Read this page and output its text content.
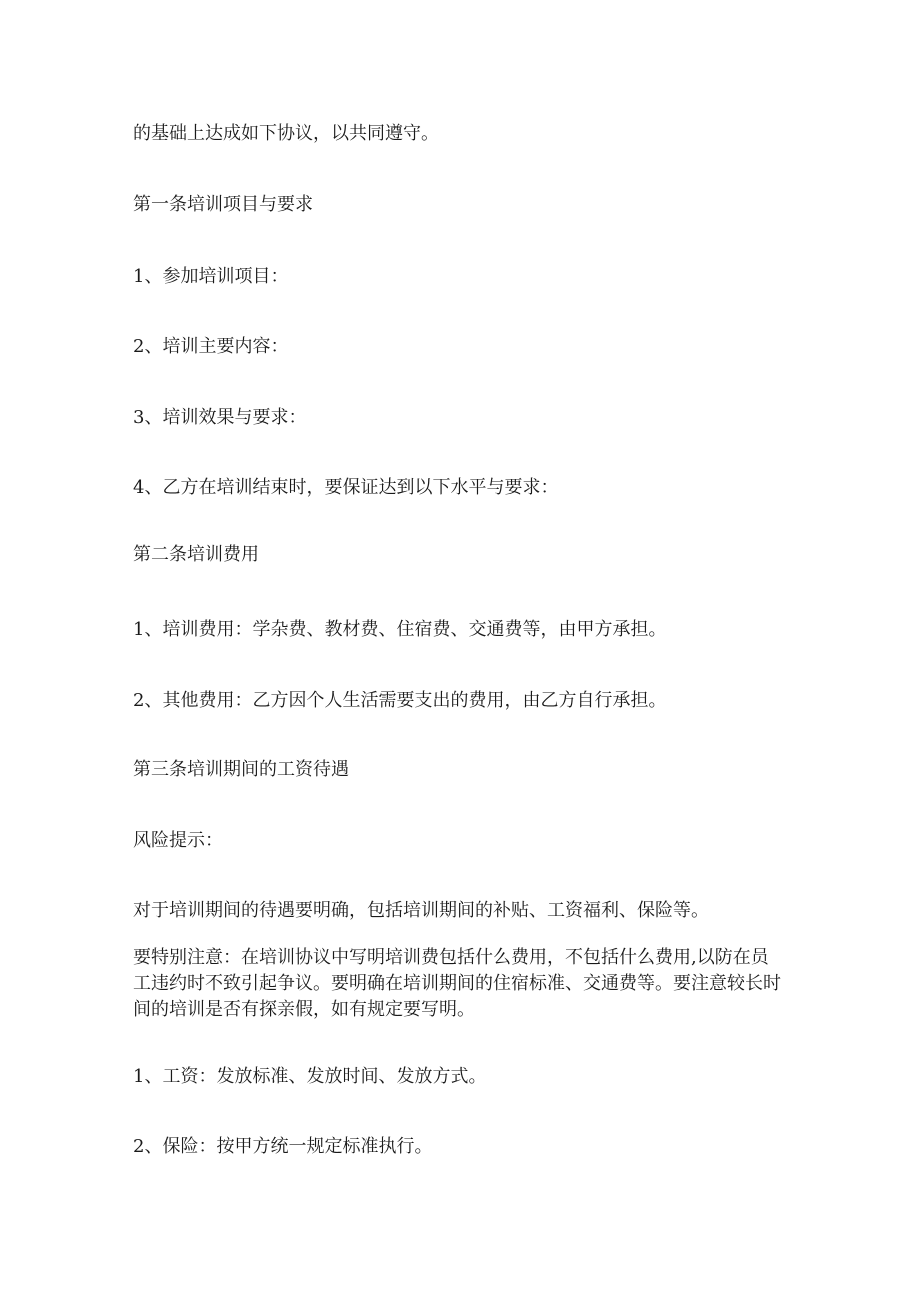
的基础上达成如下协议，以共同遵守。

第一条培训项目与要求

1、参加培训项目：

2、培训主要内容：

3、培训效果与要求：

4、乙方在培训结束时，要保证达到以下水平与要求：

第二条培训费用

1、培训费用：学杂费、教材费、住宿费、交通费等，由甲方承担。

2、其他费用：乙方因个人生活需要支出的费用，由乙方自行承担。

第三条培训期间的工资待遇

风险提示：

对于培训期间的待遇要明确，包括培训期间的补贴、工资福利、保险等。

要特别注意：在培训协议中写明培训费包括什么费用，不包括什么费用,以防在员工违约时不致引起争议。要明确在培训期间的住宿标准、交通费等。要注意较长时间的培训是否有探亲假，如有规定要写明。

1、工资：发放标准、发放时间、发放方式。

2、保险：按甲方统一规定标准执行。
